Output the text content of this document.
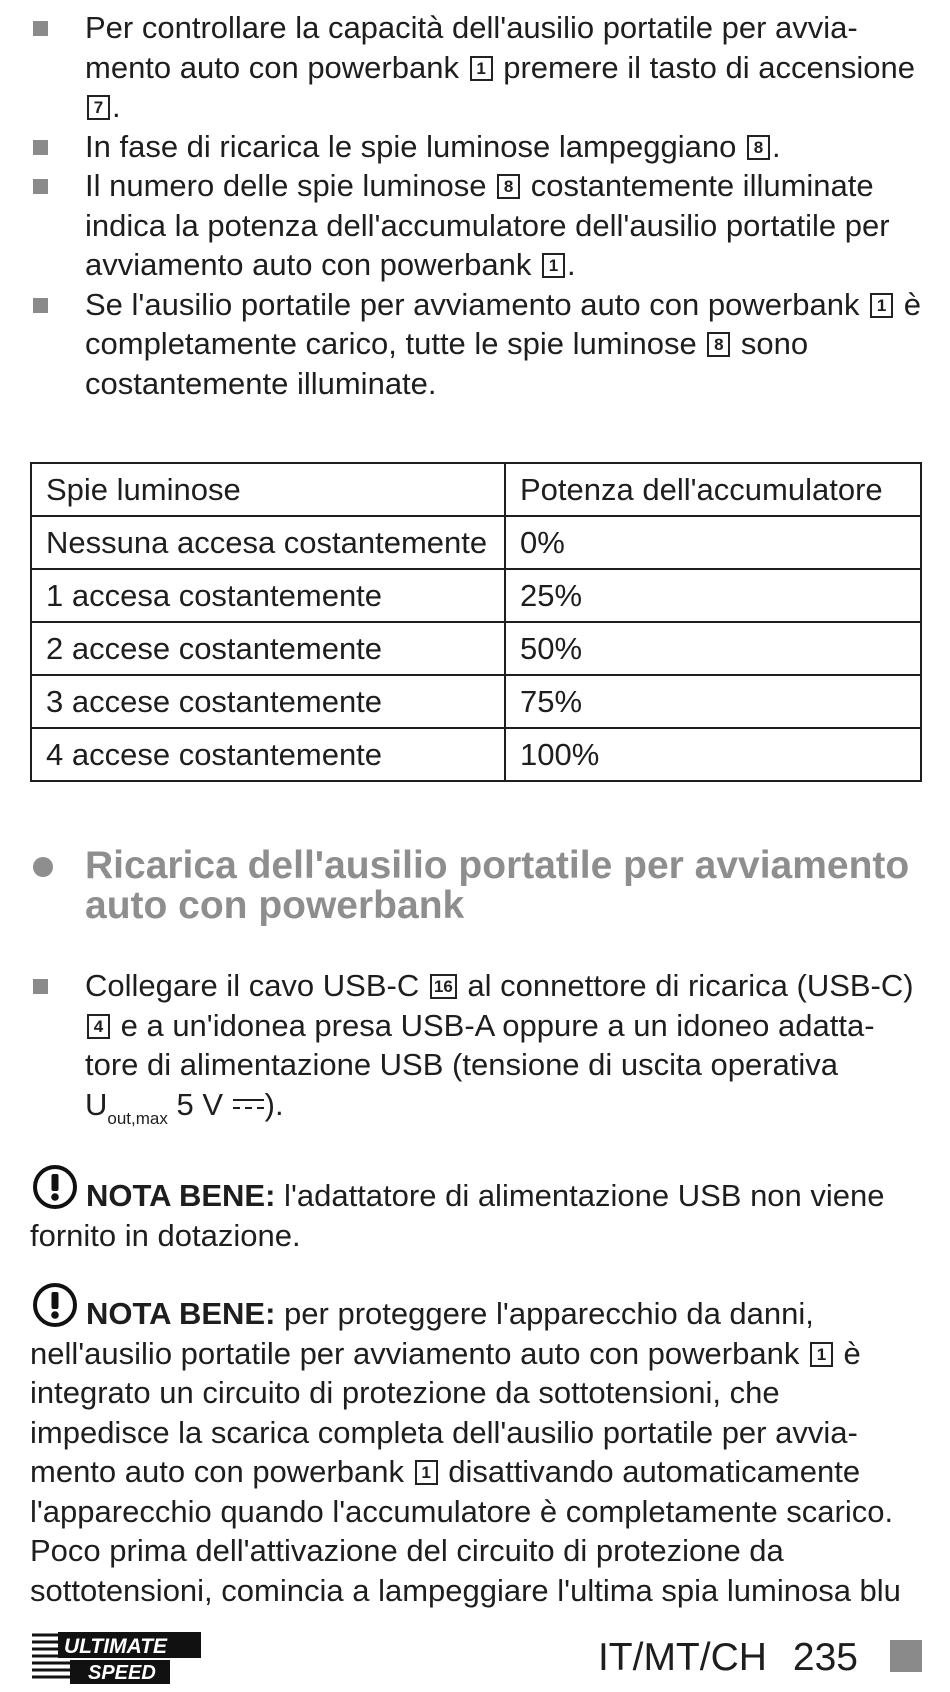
Per controllare la capacità dell'ausilio portatile per avvia-mento auto con powerbank 1 premere il tasto di accensione 7 .
In fase di ricarica le spie luminose lampeggiano 8 .
Il numero delle spie luminose 8 costantemente illuminate indica la potenza dell'accumulatore dell'ausilio portatile per avviamento auto con powerbank 1 .
Se l'ausilio portatile per avviamento auto con powerbank 1 è completamente carico, tutte le spie luminose 8 sono costantemente illuminate.
Spie luminose	Potenza dell'accumulatore
Nessuna accesa costantemente	0%
1 accesa costantemente	25%
2 accese costantemente	50%
3 accese costantemente	75%
4 accese costantemente	100%
Ricarica dell'ausilio portatile per avviamento auto con powerbank
Collegare il cavo USB-C 16 al connettore di ricarica (USB-C) 4 e a un'idonea presa USB-A oppure a un idoneo adatta-tore di alimentazione USB (tensione di uscita operativa $U_{out,max}$ 5 V ).
NOTA BENE: l'adattatore di alimentazione USB non viene fornito in dotazione.
NOTA BENE: per proteggere l'apparecchio da danni, nell'ausilio portatile per avviamento auto con powerbank 1 è integrato un circuito di protezione da sottotensioni, che impedisce la scarica completa dell'ausilio portatile per avvia-mento auto con powerbank 1 disattivando automaticamente l'apparecchio quando l'accumulatore è completamente scarico. Poco prima dell'attivazione del circuito di protezione da sottotensioni, comincia a lampeggiare l'ultima spia luminosa blu
ULTIMATE
SPEED	IT/MT/CH 235
